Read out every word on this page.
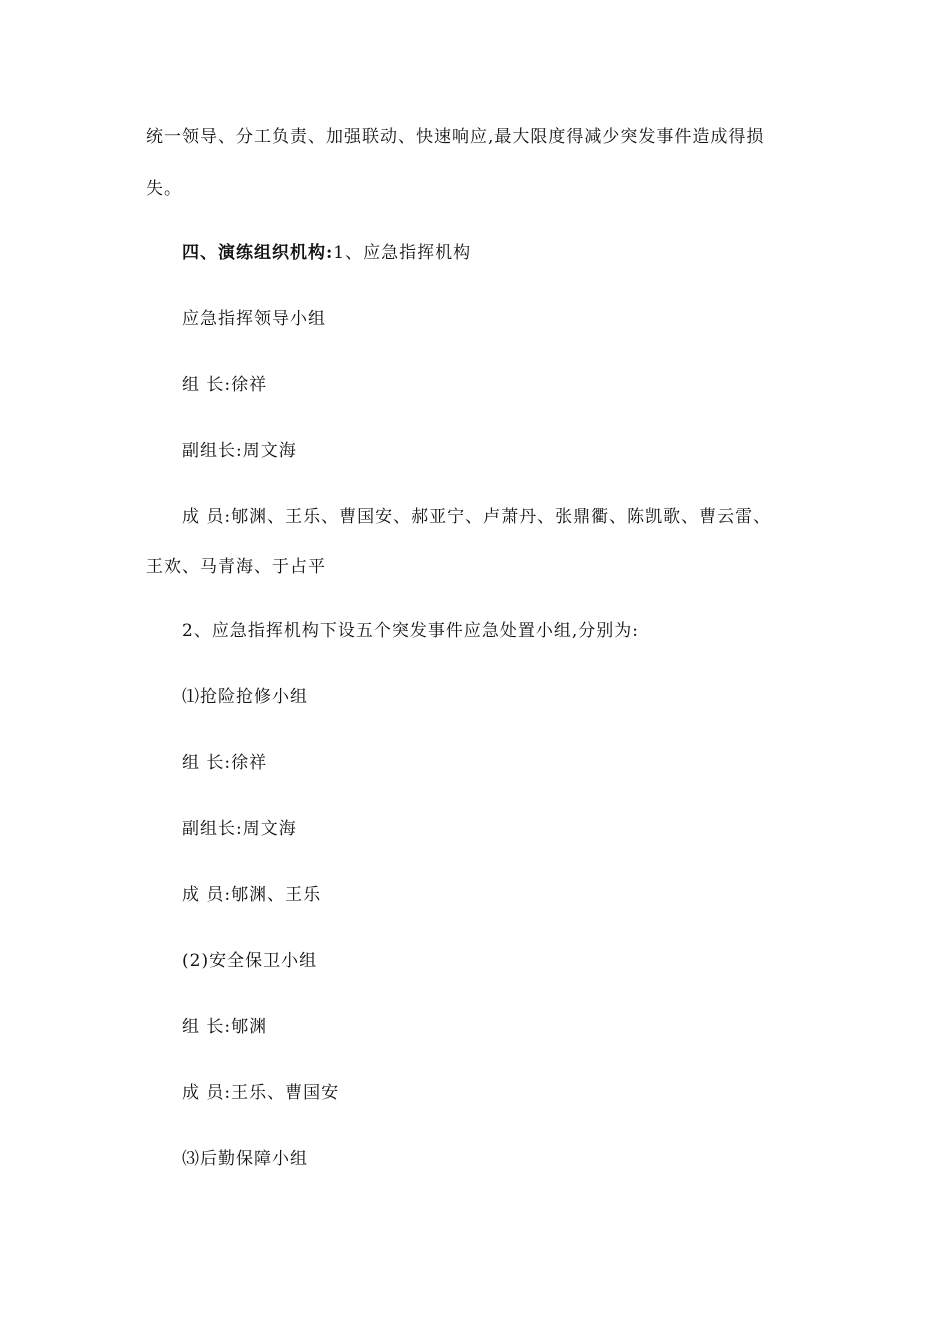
统一领导、分工负责、加强联动、快速响应,最大限度得减少突发事件造成得损
失。
四、演练组织机构:1、应急指挥机构
应急指挥领导小组
组 长:徐祥
副组长:周文海
成 员:郇渊、王乐、曹国安、郝亚宁、卢萧丹、张鼎衢、陈凯歌、曹云雷、
王欢、马青海、于占平
2、应急指挥机构下设五个突发事件应急处置小组,分别为:
⑴抢险抢修小组
组 长:徐祥
副组长:周文海
成 员:郇渊、王乐
(2)安全保卫小组
组 长:郇渊
成 员:王乐、曹国安
⑶后勤保障小组
